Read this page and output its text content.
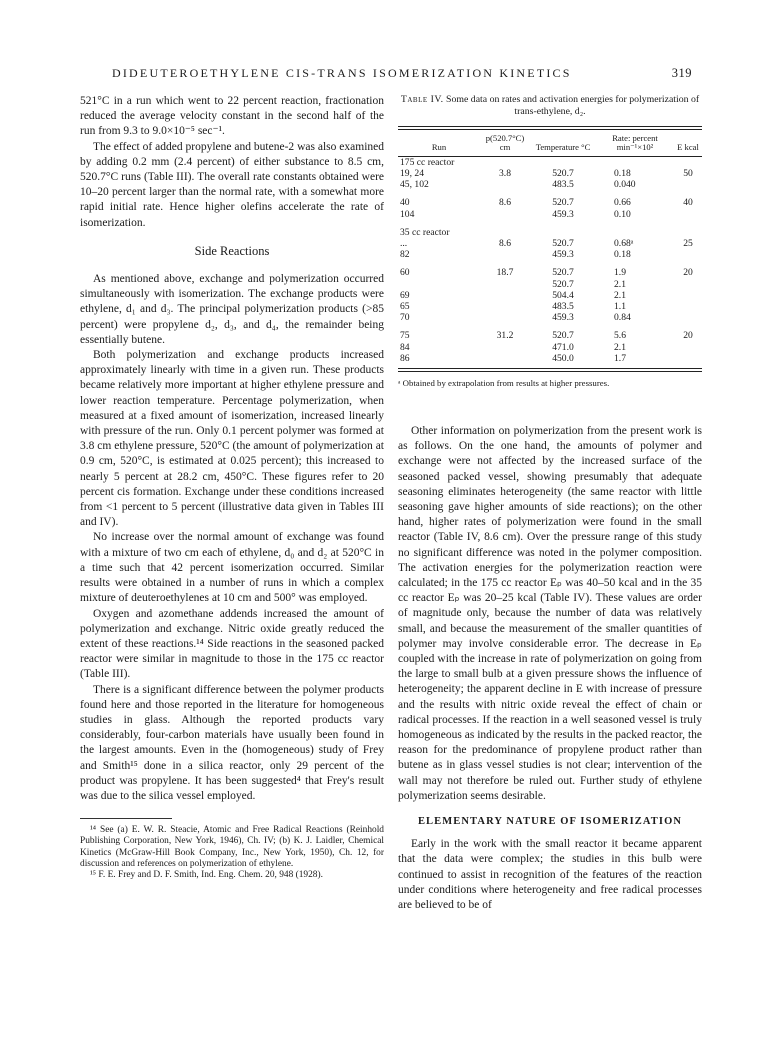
DIDEUTEROETHYLENE CIS-TRANS ISOMERIZATION KINETICS	319

521°C in a run which went to 22 percent reaction, fractionation reduced the average velocity constant in the second half of the run from 9.3 to 9.0×10⁻⁵ sec⁻¹.

The effect of added propylene and butene-2 was also examined by adding 0.2 mm (2.4 percent) of either substance to 8.5 cm, 520.7°C runs (Table III). The overall rate constants obtained were 10–20 percent larger than the normal rate, with a somewhat more rapid initial rate. Hence higher olefins accelerate the rate of isomerization.

Side Reactions

As mentioned above, exchange and polymerization occurred simultaneously with isomerization. The exchange products were ethylene, d₁ and d₃. The principal polymerization products (>85 percent) were propylene d₂, d₃, and d₄, the remainder being essentially butene.

Both polymerization and exchange products increased approximately linearly with time in a given run. These products became relatively more important at higher ethylene pressure and lower reaction temperature. Percentage polymerization, when measured at a fixed amount of isomerization, increased linearly with pressure of the run. Only 0.1 percent polymer was formed at 3.8 cm ethylene pressure, 520°C (the amount of polymerization at 0.9 cm, 520°C, is estimated at 0.025 percent); this increased to nearly 5 percent at 28.2 cm, 450°C. These figures refer to 20 percent cis formation. Exchange under these conditions increased from <1 percent to 5 percent (illustrative data given in Tables III and IV).

No increase over the normal amount of exchange was found with a mixture of two cm each of ethylene, d₀ and d₂ at 520°C in a time such that 42 percent isomerization occurred. Similar results were obtained in a number of runs in which a complex mixture of deuteroethylenes at 10 cm and 500° was employed.

Oxygen and azomethane addends increased the amount of polymerization and exchange. Nitric oxide greatly reduced the extent of these reactions.¹⁴ Side reactions in the seasoned packed reactor were similar in magnitude to those in the 175 cc reactor (Table III).

There is a significant difference between the polymer products found here and those reported in the literature for homogeneous studies in glass. Although the reported products vary considerably, four-carbon materials have usually been found in the largest amounts. Even in the (homogeneous) study of Frey and Smith¹⁵ done in a silica reactor, only 29 percent of the product was propylene. It has been suggested⁴ that Frey's result was due to the silica vessel employed.

¹⁴ See (a) E. W. R. Steacie, Atomic and Free Radical Reactions (Reinhold Publishing Corporation, New York, 1946), Ch. IV; (b) K. J. Laidler, Chemical Kinetics (McGraw-Hill Book Company, Inc., New York, 1950), Ch. 12, for discussion and references on polymerization of ethylene.

¹⁵ F. E. Frey and D. F. Smith, Ind. Eng. Chem. 20, 948 (1928).

Table IV. Some data on rates and activation energies for polymerization of trans-ethylene, d₂.
Run	p(520.7°C) cm	Temperature °C	Rate: percent min⁻¹×10²	E kcal
175 cc reactor				
19, 24	3.8	520.7	0.18	50
45, 102		483.5	0.040	

40	8.6	520.7	0.66	40
104		459.3	0.10	

35 cc reactor				
...	8.6	520.7	0.68ᵃ	25
82		459.3	0.18	

60	18.7	520.7	1.9	20
		520.7	2.1	
69		504.4	2.1	
65		483.5	1.1	
70		459.3	0.84	

75	31.2	520.7	5.6	20
84		471.0	2.1	
86		450.0	1.7	
ᵃ Obtained by extrapolation from results at higher pressures.

Other information on polymerization from the present work is as follows. On the one hand, the amounts of polymer and exchange were not affected by the increased surface of the seasoned packed vessel, showing presumably that adequate seasoning eliminates heterogeneity (the same reactor with little seasoning gave higher amounts of side reactions); on the other hand, higher rates of polymerization were found in the small reactor (Table IV, 8.6 cm). Over the pressure range of this study no significant difference was noted in the polymer composition. The activation energies for the polymerization reaction were calculated; in the 175 cc reactor Eₚ was 40–50 kcal and in the 35 cc reactor Eₚ was 20–25 kcal (Table IV). These values are order of magnitude only, because the number of data was relatively small, and because the measurement of the smaller quantities of polymer may involve considerable error. The decrease in Eₚ coupled with the increase in rate of polymerization on going from the large to small bulb at a given pressure shows the influence of heterogeneity; the apparent decline in E with increase of pressure and the results with nitric oxide reveal the effect of chain or radical processes. If the reaction in a well seasoned vessel is truly homogeneous as indicated by the results in the packed reactor, the reason for the predominance of propylene product rather than butene as in glass vessel studies is not clear; intervention of the wall may not therefore be ruled out. Further study of ethylene polymerization seems desirable.

ELEMENTARY NATURE OF ISOMERIZATION

Early in the work with the small reactor it became apparent that the data were complex; the studies in this bulb were continued to assist in recognition of the features of the reaction under conditions where heterogeneity and free radical processes are believed to be of
